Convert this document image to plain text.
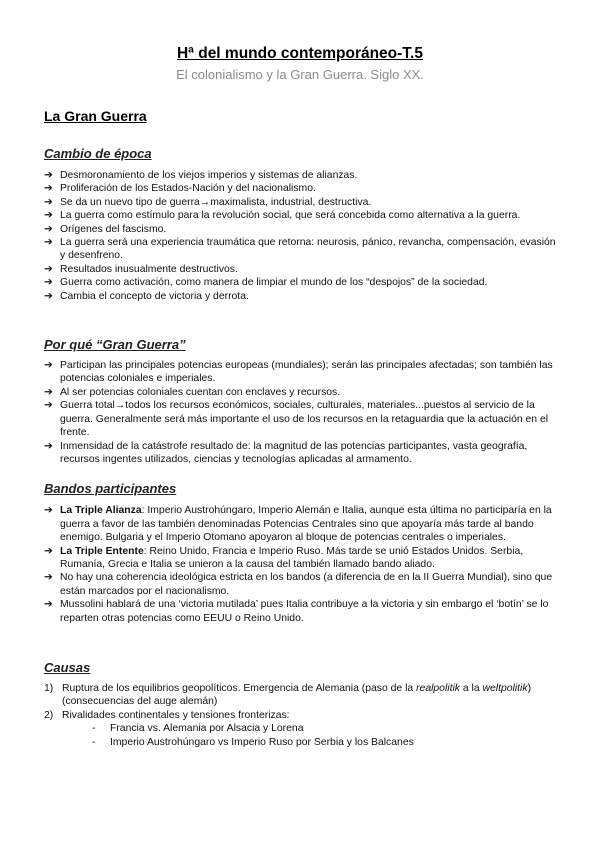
Hª del mundo contemporáneo-T.5

El colonialismo y la Gran Guerra. Siglo XX.

La Gran Guerra
Cambio de época
➔ Desmoronamiento de los viejos imperios y sistemas de alianzas.
➔ Proliferación de los Estados-Nación y del nacionalismo.
➔ Se da un nuevo tipo de guerra→maximalista, industrial, destructiva.
➔ La guerra como estímulo para la revolución social, que será concebida como alternativa a la guerra.
➔ Orígenes del fascismo.
➔ La guerra será una experiencia traumática que retorna: neurosis, pánico, revancha, compensación, evasión y desenfreno.
➔ Resultados inusualmente destructivos.
➔ Guerra como activación, como manera de limpiar el mundo de los “despojos” de la sociedad.
➔ Cambia el concepto de victoria y derrota.
Por qué “Gran Guerra”
➔ Participan las principales potencias europeas (mundiales); serán las principales afectadas; son también las potencias coloniales e imperiales.
➔ Al ser potencias coloniales cuentan con enclaves y recursos.
➔ Guerra total→todos los recursos económicos, sociales, culturales, materiales...puestos al servicio de la guerra. Generalmente será más importante el uso de los recursos en la retaguardia que la actuación en el frente.
➔ Inmensidad de la catástrofe resultado de: la magnitud de las potencias participantes, vasta geografía, recursos ingentes utilizados, ciencias y tecnologías aplicadas al armamento.
Bandos participantes
➔ La Triple Alianza: Imperio Austrohúngaro, Imperio Alemán e Italia, aunque esta última no participaría en la guerra a favor de las también denominadas Potencias Centrales sino que apoyaría más tarde al bando enemigo. Bulgaria y el Imperio Otomano apoyaron al bloque de potencias centrales o imperiales.
➔ La Triple Entente: Reino Unido, Francia e Imperio Ruso. Más tarde se unió Estados Unidos. Serbia, Rumanía, Grecia e Italia se unieron a la causa del también llamado bando aliado.
➔ No hay una coherencia ideológica estricta en los bandos (a diferencia de en la II Guerra Mundial), sino que están marcados por el nacionalismo.
➔ Mussolini hablará de una ‘victoria mutilada’ pues Italia contribuye a la victoria y sin embargo el ‘botín’ se lo reparten otras potencias como EEUU o Reino Unido.
Causas
1) Ruptura de los equilibrios geopolíticos. Emergencia de Alemania (paso de la realpolitik a la weltpolitik)(consecuencias del auge alemán)
2) Rivalidades continentales y tensiones fronterizas:
- Francia vs. Alemania por Alsacia y Lorena
- Imperio Austrohúngaro vs Imperio Ruso por Serbia y los Balcanes
